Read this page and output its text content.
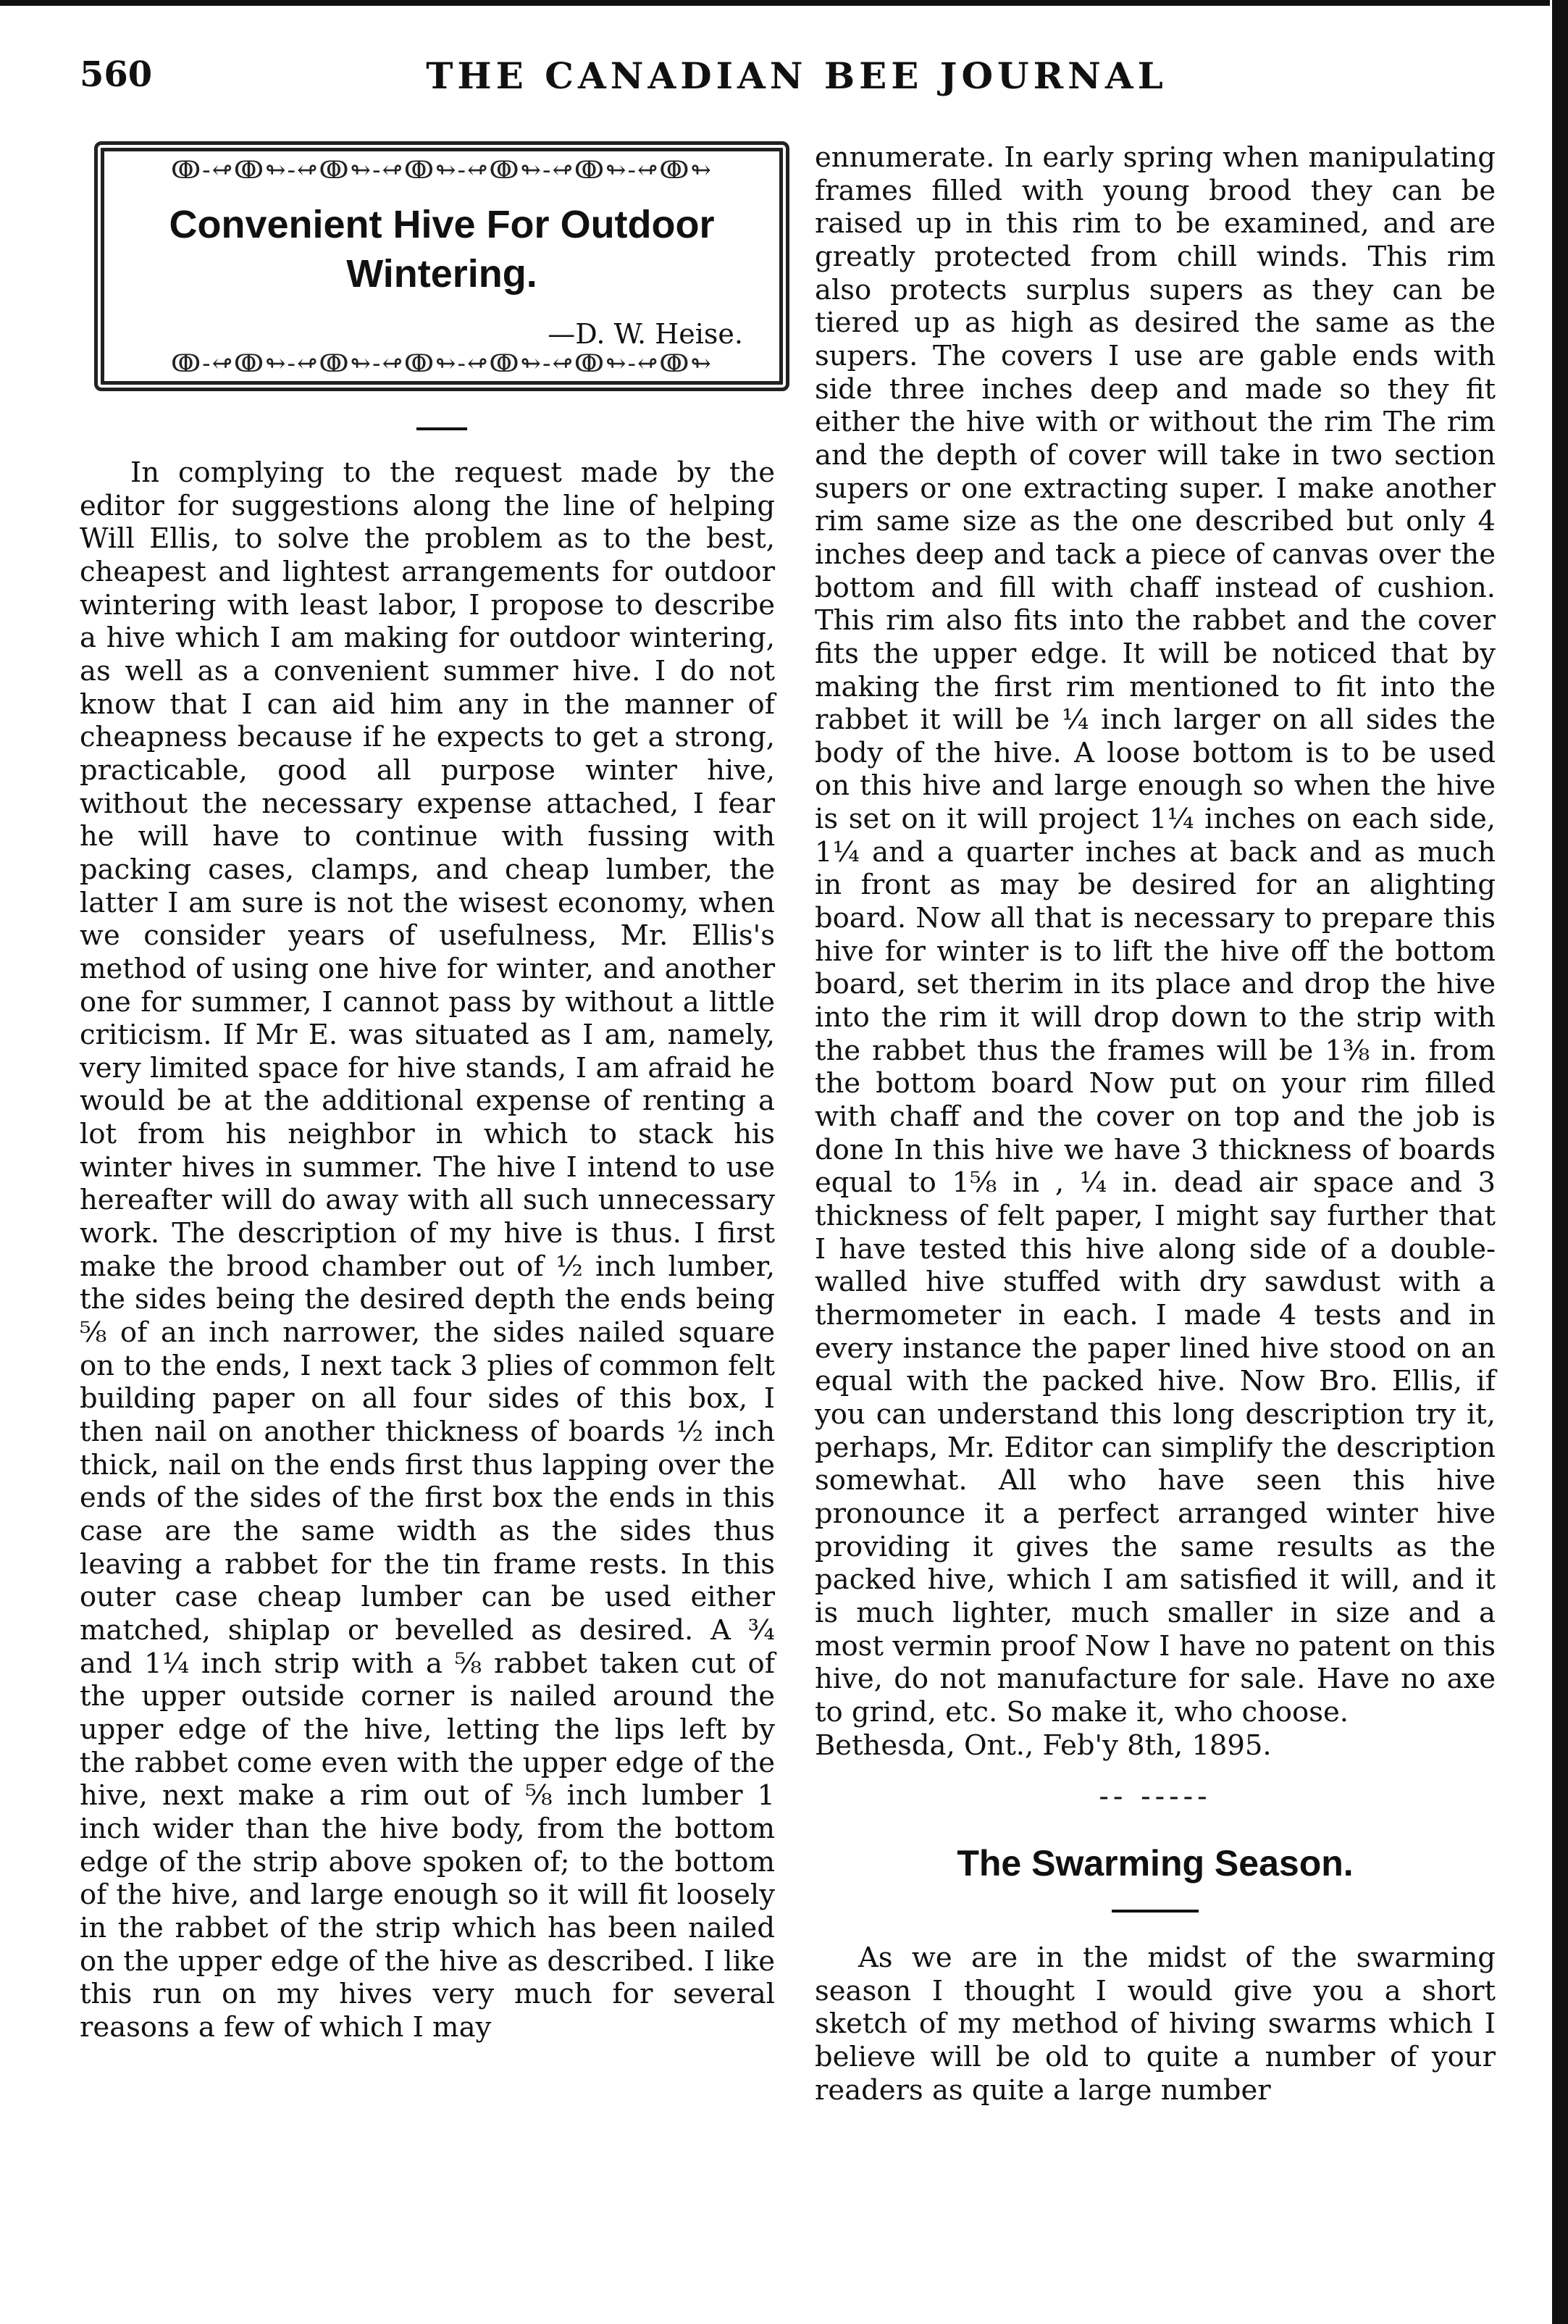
560	THE CANADIAN BEE JOURNAL
ↂ-↫ↂ↬-↫ↂ↬-↫ↂ↬-↫ↂ↬-↫ↂ↬-↫ↂ↬
Convenient Hive For Outdoor
Wintering.
—D. W. Heise.
ↂ-↫ↂ↬-↫ↂ↬-↫ↂ↬-↫ↂ↬-↫ↂ↬-↫ↂ↬

In complying to the request made by the editor for suggestions along the line of helping Will Ellis, to solve the problem as to the best, cheapest and lightest arrangements for outdoor wintering with least labor, I propose to describe a hive which I am making for outdoor wintering, as well as a convenient summer hive. I do not know that I can aid him any in the manner of cheapness because if he expects to get a strong, practicable, good all purpose winter hive, without the necessary expense attached, I fear he will have to continue with fussing with packing cases, clamps, and cheap lumber, the latter I am sure is not the wisest economy, when we consider years of usefulness, Mr. Ellis's method of using one hive for winter, and another one for summer, I cannot pass by without a little criticism. If Mr E. was situated as I am, namely, very limited space for hive stands, I am afraid he would be at the additional expense of renting a lot from his neighbor in which to stack his winter hives in summer. The hive I intend to use hereafter will do away with all such unnecessary work. The description of my hive is thus. I first make the brood chamber out of ½ inch lumber, the sides being the desired depth the ends being ⅝ of an inch narrower, the sides nailed square on to the ends, I next tack 3 plies of common felt building paper on all four sides of this box, I then nail on another thickness of boards ½ inch thick, nail on the ends first thus lapping over the ends of the sides of the first box the ends in this case are the same width as the sides thus leaving a rabbet for the tin frame rests. In this outer case cheap lumber can be used either matched, shiplap or bevelled as desired. A ¾ and 1¼ inch strip with a ⅝ rabbet taken cut of the upper outside corner is nailed around the upper edge of the hive, letting the lips left by the rabbet come even with the upper edge of the hive, next make a rim out of ⅝ inch lumber 1 inch wider than the hive body, from the bottom edge of the strip above spoken of; to the bottom of the hive, and large enough so it will fit loosely in the rabbet of the strip which has been nailed on the upper edge of the hive as described. I like this run on my hives very much for several reasons a few of which I may

ennumerate. In early spring when manipulating frames filled with young brood they can be raised up in this rim to be examined, and are greatly protected from chill winds. This rim also protects surplus supers as they can be tiered up as high as desired the same as the supers. The covers I use are gable ends with side three inches deep and made so they fit either the hive with or without the rim The rim and the depth of cover will take in two section supers or one extracting super. I make another rim same size as the one described but only 4 inches deep and tack a piece of canvas over the bottom and fill with chaff instead of cushion. This rim also fits into the rabbet and the cover fits the upper edge. It will be noticed that by making the first rim mentioned to fit into the rabbet it will be ¼ inch larger on all sides the body of the hive. A loose bottom is to be used on this hive and large enough so when the hive is set on it will project 1¼ inches on each side, 1¼ and a quarter inches at back and as much in front as may be desired for an alighting board. Now all that is necessary to prepare this hive for winter is to lift the hive off the bottom board, set therim in its place and drop the hive into the rim it will drop down to the strip with the rabbet thus the frames will be 1⅜ in. from the bottom board Now put on your rim filled with chaff and the cover on top and the job is done In this hive we have 3 thickness of boards equal to 1⅝ in , ¼ in. dead air space and 3 thickness of felt paper, I might say further that I have tested this hive along side of a double-walled hive stuffed with dry sawdust with a thermometer in each. I made 4 tests and in every instance the paper lined hive stood on an equal with the packed hive. Now Bro. Ellis, if you can understand this long description try it, perhaps, Mr. Editor can simplify the description somewhat. All who have seen this hive pronounce it a perfect arranged winter hive providing it gives the same results as the packed hive, which I am satisfied it will, and it is much lighter, much smaller in size and a most vermin proof Now I have no patent on this hive, do not manufacture for sale. Have no axe to grind, etc. So make it, who choose.

Bethesda, Ont., Feb'y 8th, 1895.

-- -----
The Swarming Season.

As we are in the midst of the swarming season I thought I would give you a short sketch of my method of hiving swarms which I believe will be old to quite a number of your readers as quite a large number
